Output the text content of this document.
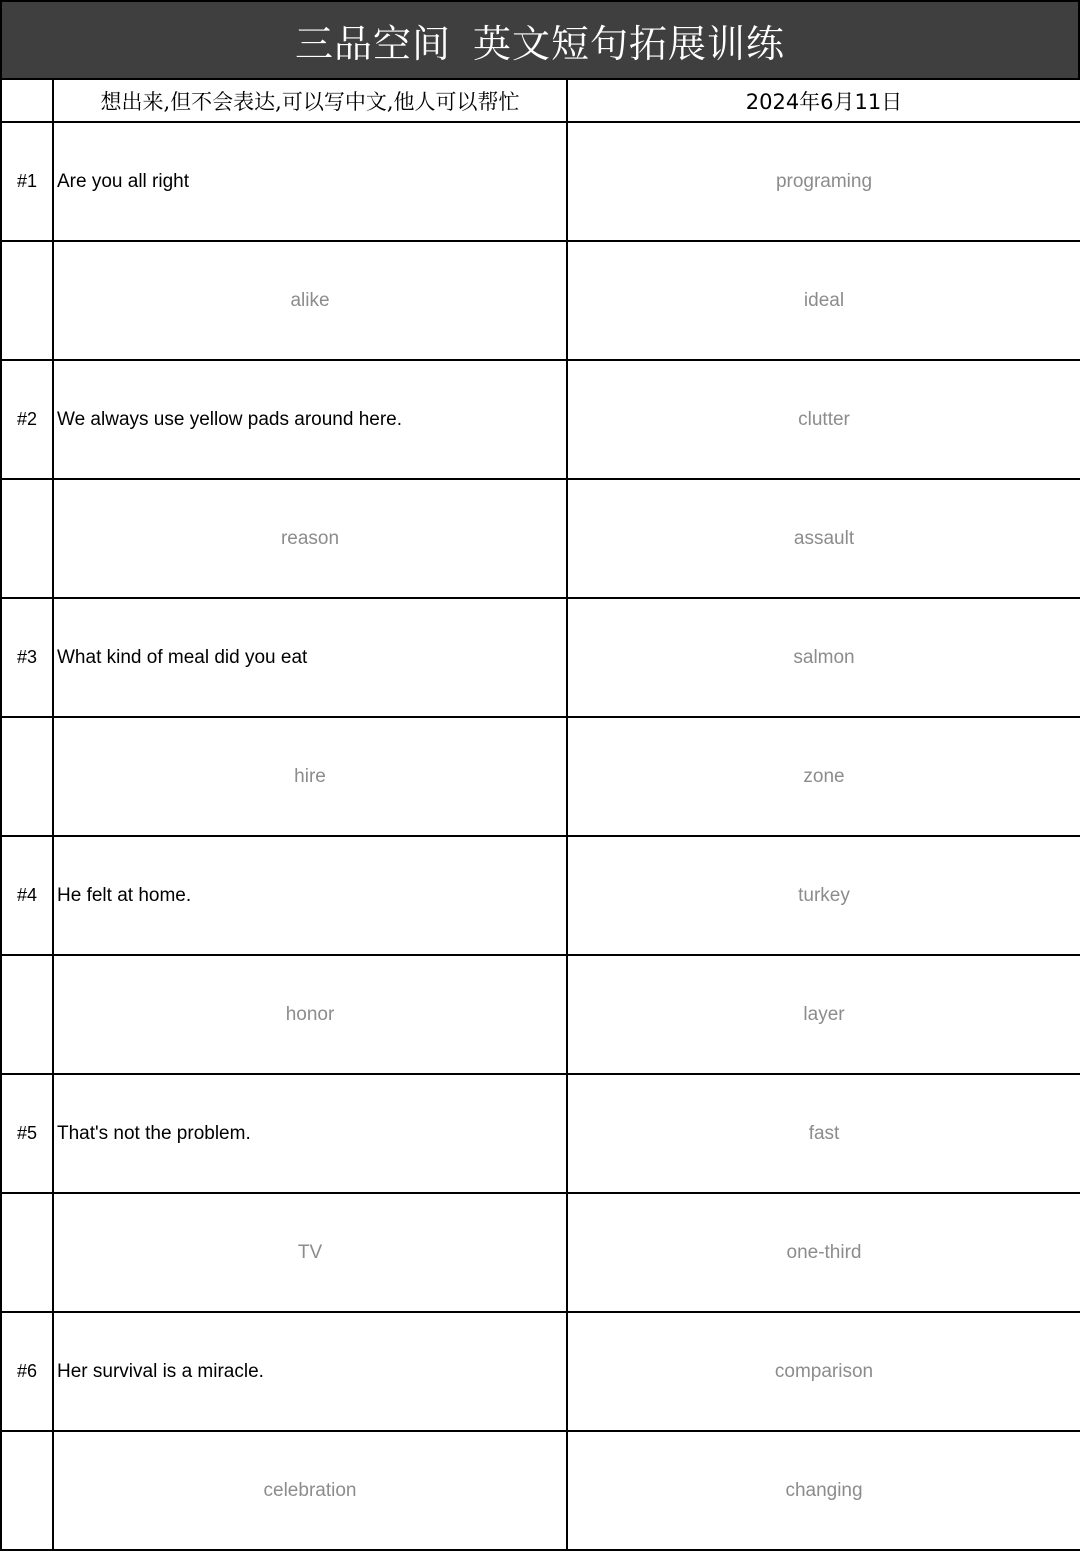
三品空间 英文短句拓展训练
	想出来,但不会表达,可以写中文,他人可以帮忙	2024年6月11日
#1	Are you all right	programing
	alike	ideal
#2	We always use yellow pads around here.	clutter
	reason	assault
#3	What kind of meal did you eat	salmon
	hire	zone
#4	He felt at home.	turkey
	honor	layer
#5	That's not the problem.	fast
	TV	one-third
#6	Her survival is a miracle.	comparison
	celebration	changing
